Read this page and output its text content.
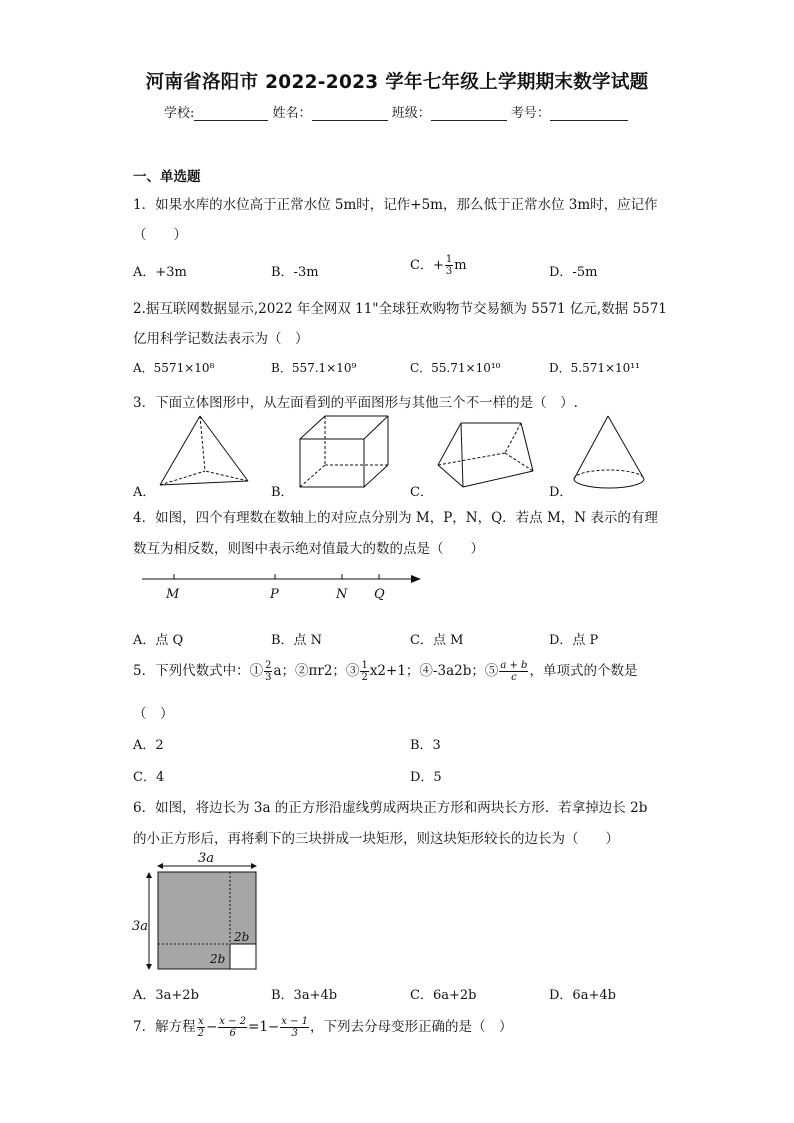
河南省洛阳市 2022-2023 学年七年级上学期期末数学试题
学校:	姓名：	班级：	考号：
一、单选题
1．如果水库的水位高于正常水位 5m时，记作+5m，那么低于正常水位 3m时，应记作
（　　）
A．+3m	B．-3m	C．+ $\frac{1}{3}$ m	D．-5m
2.据互联网数据显示,2022 年全网双 11"全球狂欢购物节交易额为 5571 亿元,数据 5571
亿用科学记数法表示为（　）
A．5571×10⁸	B．557.1×10⁹	C．55.71×10¹⁰	D．5.571×10¹¹
3．下面立体图形中，从左面看到的平面图形与其他三个不一样的是（　）.
A．	B．	C．	D．
4．如图，四个有理数在数轴上的对应点分别为 M，P，N，Q．若点 M，N 表示的有理
数互为相反数，则图中表示绝对值最大的数的点是（　　）
M	P	N Q
A．点 Q	B．点 N	C．点 M	D．点 P
5．下列代数式中：① $\frac{2}{3}$ a；②πr2；③ $\frac{1}{2} x2+1$；④-3a2b；⑤ $\frac{a + b}{c}$ ，单项式的个数是
（　）
A．2	B．3
C．4	D．5
6．如图，将边长为 3a 的正方形沿虚线剪成两块正方形和两块长方形．若拿掉边长 2b
的小正方形后，再将剩下的三块拼成一块矩形，则这块矩形较长的边长为（　　）
3a
3a
2b
2b
A．3a+2b	B．3a+4b	C．6a+2b	D．6a+4b
7．解方程 $\frac{x}{2} - \frac{x - 2}{6} =1- \frac{x - 1}{3}$ ，下列去分母变形正确的是（　）
